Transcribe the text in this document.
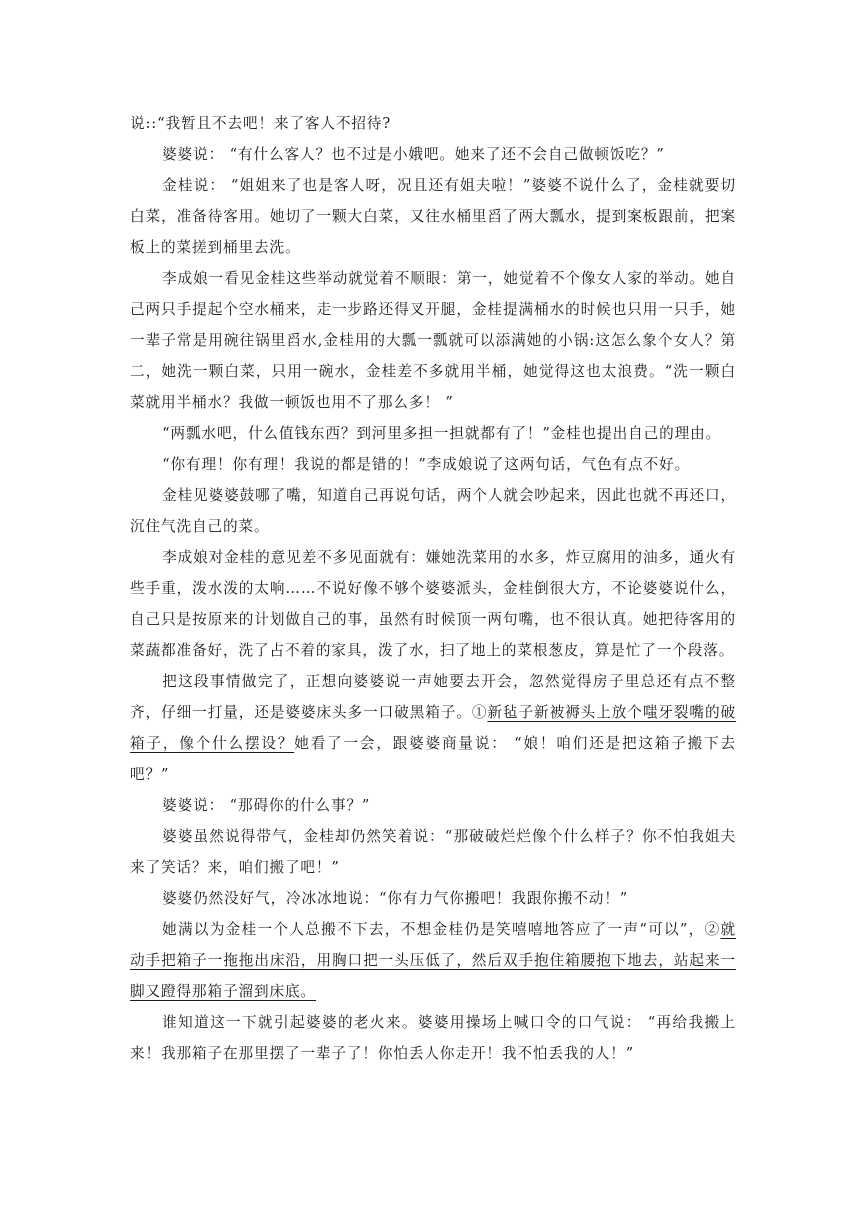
说::“我暂且不去吧！来了客人不招待?

婆婆说： “有什么客人？也不过是小娥吧。她来了还不会自己做顿饭吃？”

金桂说： “姐姐来了也是客人呀，况且还有姐夫啦！”婆婆不说什么了，金桂就要切白菜，准备待客用。她切了一颗大白菜，又往水桶里舀了两大瓢水，提到案板跟前，把案板上的菜搓到桶里去洗。

李成娘一看见金桂这些举动就觉着不顺眼：第一，她觉着不个像女人家的举动。她自己两只手提起个空水桶来，走一步路还得叉开腿，金桂提满桶水的时候也只用一只手，她一辈子常是用碗往锅里舀水,金桂用的大瓢一瓢就可以添满她的小锅:这怎么象个女人？第二，她洗一颗白菜，只用一碗水，金桂差不多就用半桶，她觉得这也太浪费。“洗一颗白菜就用半桶水？我做一顿饭也用不了那么多！ ”

“两瓢水吧，什么值钱东西？到河里多担一担就都有了！”金桂也提出自己的理由。

“你有理！你有理！我说的都是错的！”李成娘说了这两句话，气色有点不好。

金桂见婆婆鼓哪了嘴，知道自己再说句话，两个人就会吵起来，因此也就不再还口，沉住气洗自己的菜。

李成娘对金桂的意见差不多见面就有：嫌她洗菜用的水多，炸豆腐用的油多，通火有些手重，泼水泼的太响……不说好像不够个婆婆派头，金桂倒很大方，不论婆婆说什么，自己只是按原来的计划做自己的事，虽然有时候顶一两句嘴，也不很认真。她把待客用的菜蔬都准备好，洗了占不着的家具，泼了水，扫了地上的菜根葱皮，算是忙了一个段落。

把这段事情做完了，正想向婆婆说一声她要去开会，忽然觉得房子里总还有点不整齐，仔细一打量，还是婆婆床头多一口破黑箱子。①新毡子新被褥头上放个嗤牙裂嘴的破箱子，像个什么摆设？她看了一会，跟婆婆商量说： “娘！咱们还是把这箱子搬下去吧？”

婆婆说： “那碍你的什么事？”

婆婆虽然说得带气，金桂却仍然笑着说：“那破破烂烂像个什么样子？你不怕我姐夫来了笑话？来，咱们搬了吧！”

婆婆仍然没好气，冷冰冰地说：“你有力气你搬吧！我跟你搬不动！”

她满以为金桂一个人总搬不下去，不想金桂仍是笑嘻嘻地答应了一声“可以”，②就动手把箱子一拖拖出床沿，用胸口把一头压低了，然后双手抱住箱腰抱下地去，站起来一脚又蹬得那箱子溜到床底。

谁知道这一下就引起婆婆的老火来。婆婆用操场上喊口令的口气说： “再给我搬上来！我那箱子在那里摆了一辈子了！你怕丢人你走开！我不怕丢我的人！”
